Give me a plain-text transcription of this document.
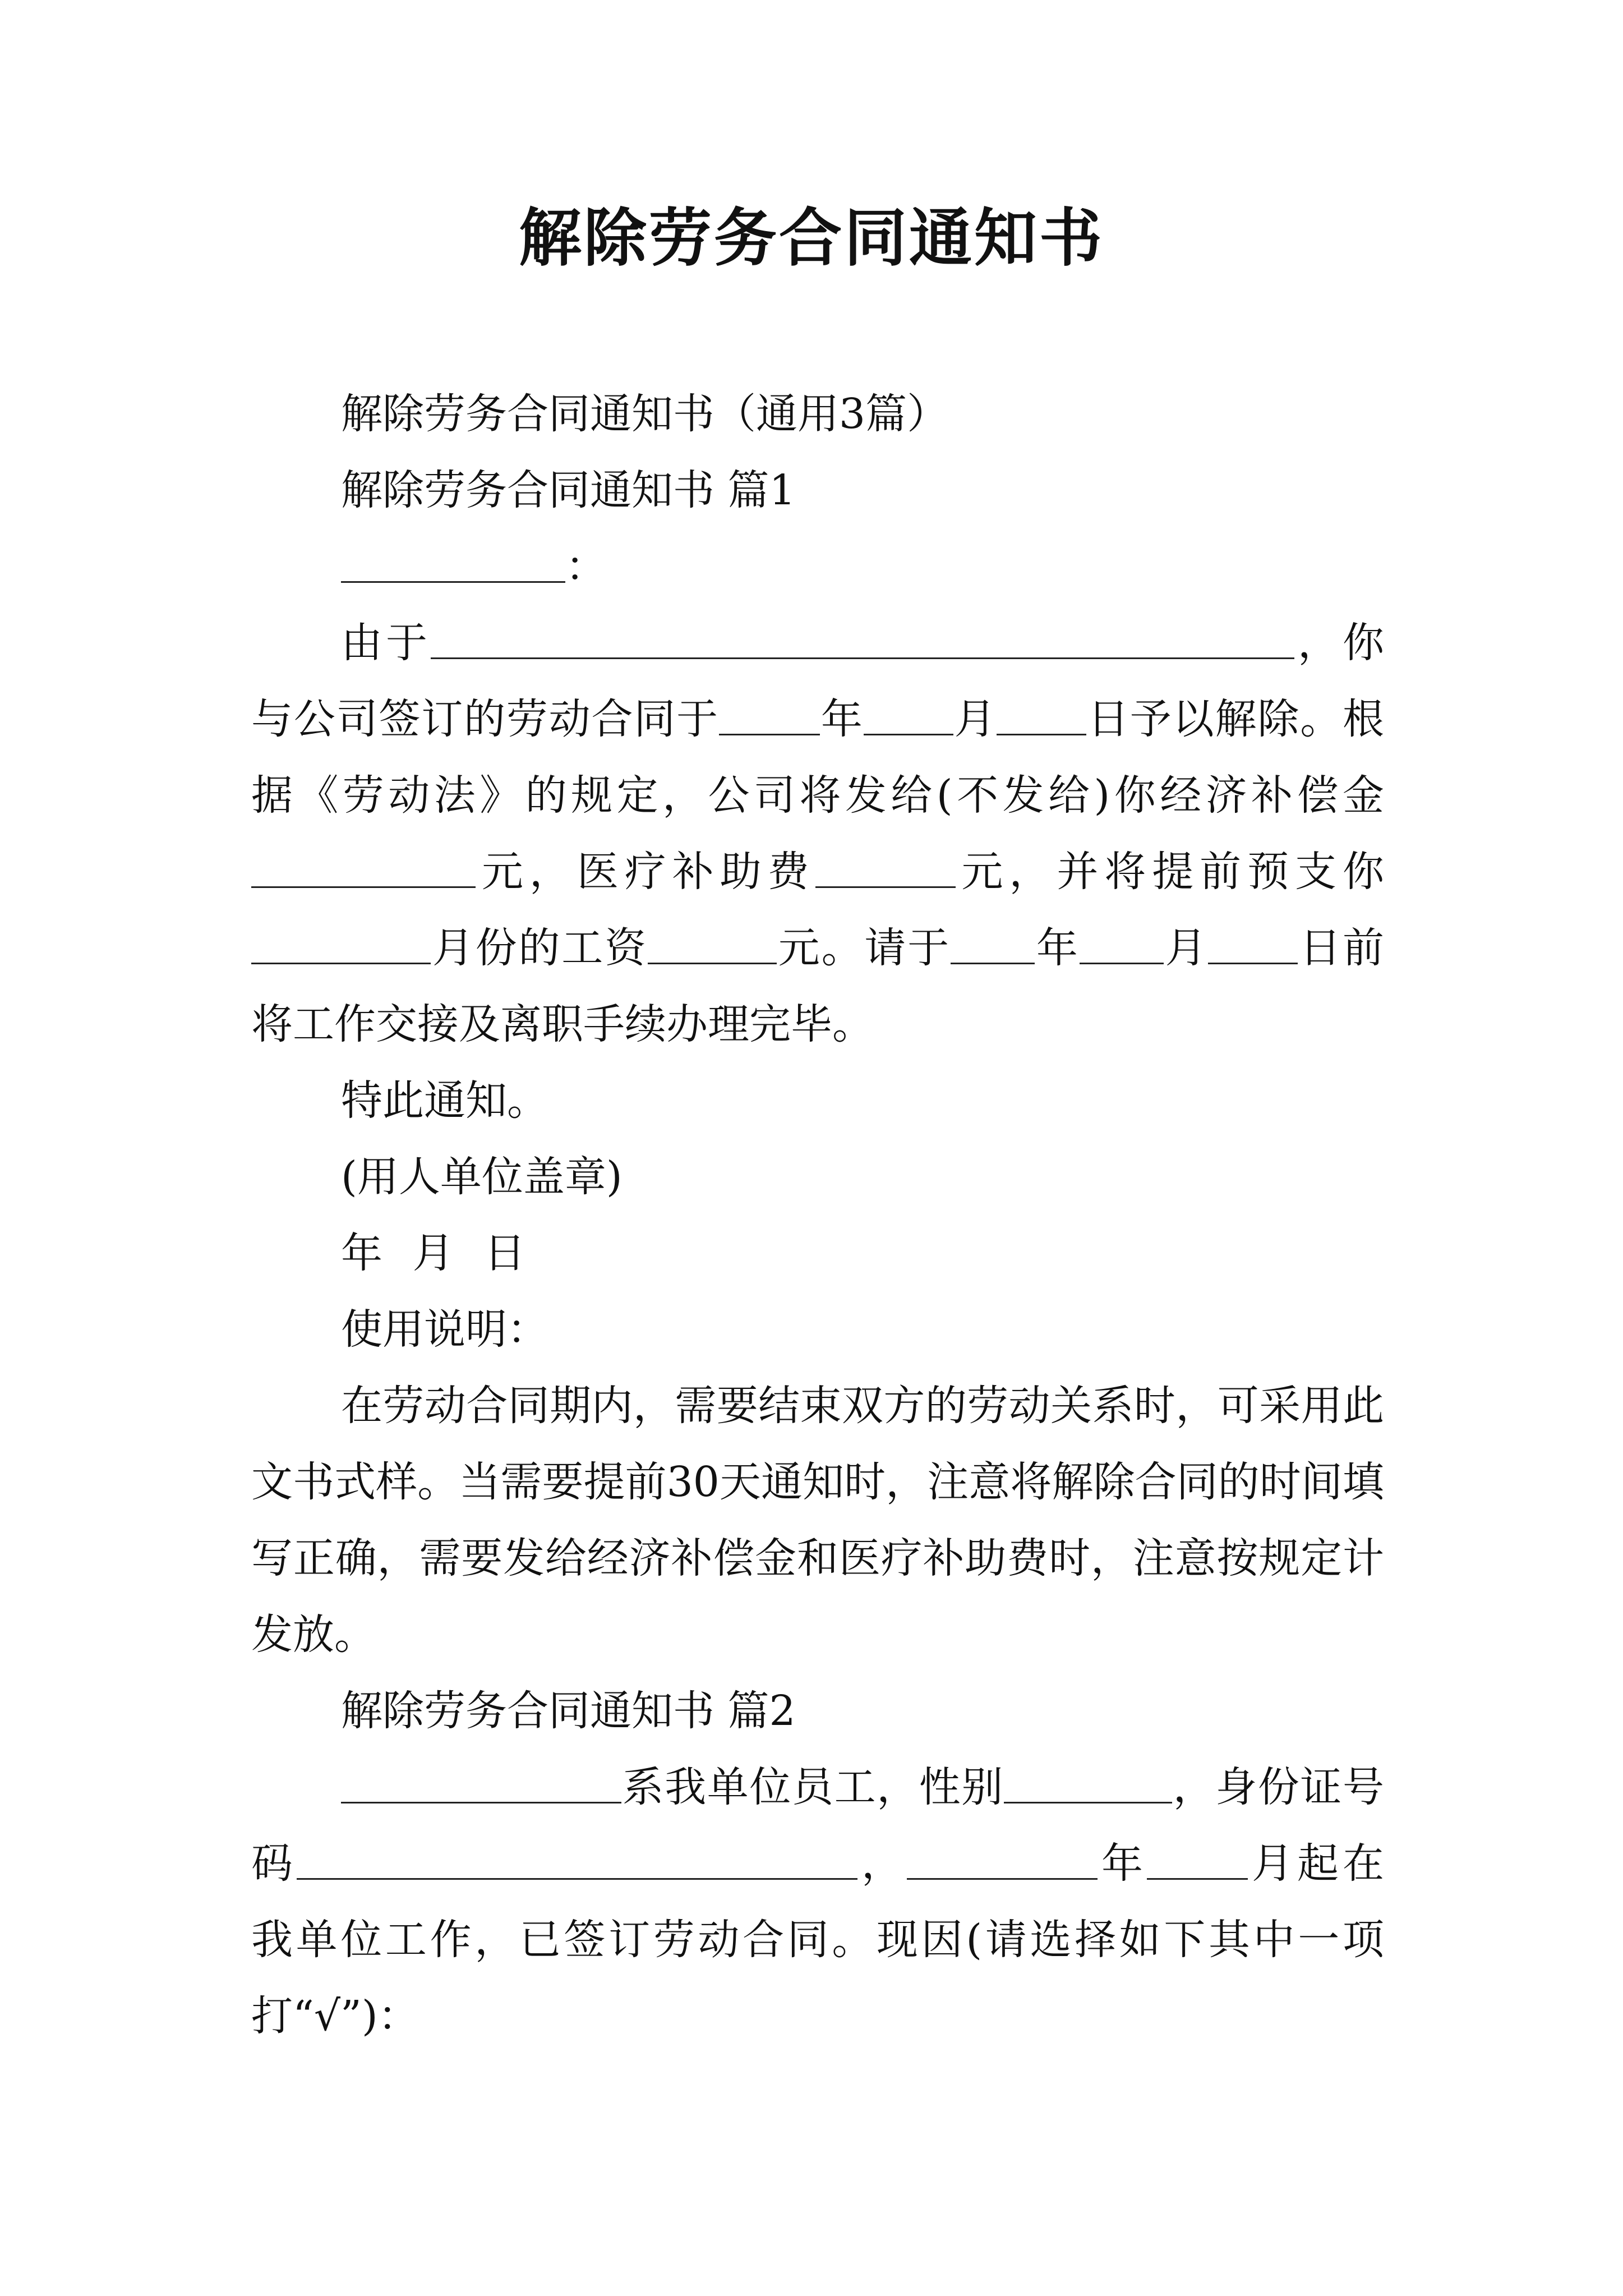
解除劳务合同通知书

解除劳务合同通知书（通用3篇）

解除劳务合同通知书 篇1

：

由于	，你与公司签订的劳动合同于 年 月 日予以解除。根据《劳动法》的规定，公司将发给(不发给)你经济补偿金元，医疗补助费	元，并将提前预支你月份的工资	元。请于 年 月 日前将工作交接及离职手续办理完毕。

特此通知。

(用人单位盖章)

年 月 日

使用说明：

在劳动合同期内，需要结束双方的劳动关系时，可采用此文书式样。当需要提前30天通知时，注意将解除合同的时间填写正确，需要发给经济补偿金和医疗补助费时，注意按规定计发放。

解除劳务合同通知书 篇2

系我单位员工，性别	，身份证号码	，	年 月起在我单位工作，已签订劳动合同。现因(请选择如下其中一项打“√”)：
